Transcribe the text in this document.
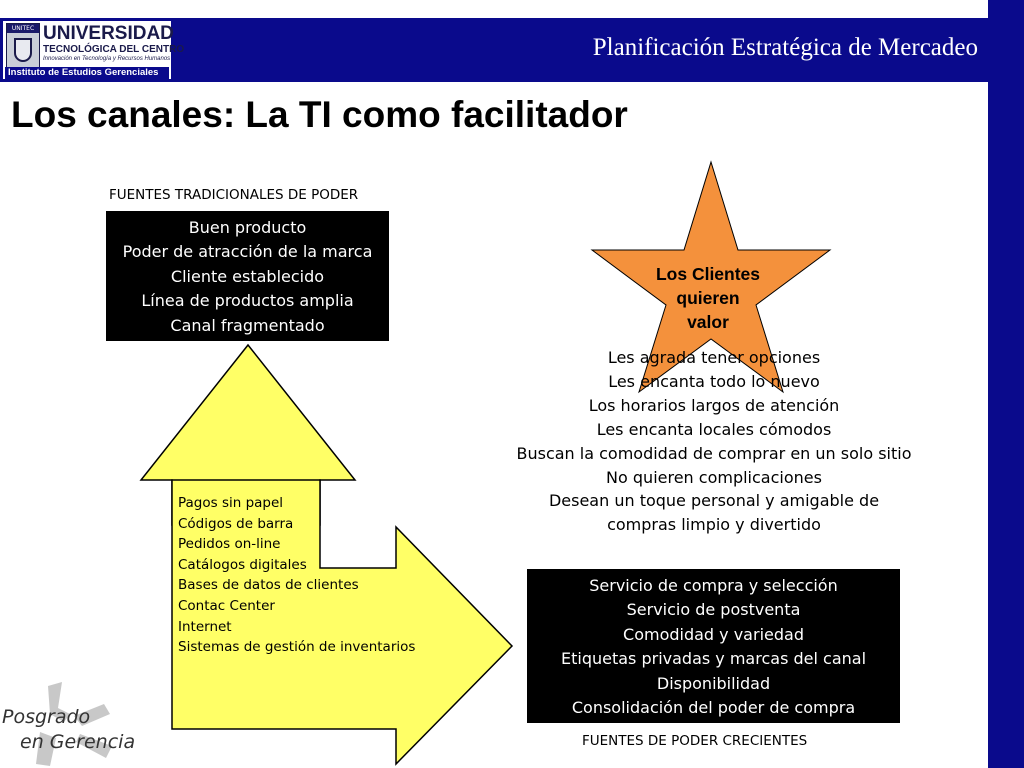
UNITEC UNIVERSIDAD
TECNOLÓGICA DEL CENTRO
Innovación en Tecnología y Recursos Humanos
Instituto de Estudios Gerenciales
Planificación Estratégica de Mercadeo
Los canales: La TI como facilitador
FUENTES TRADICIONALES DE PODER
Buen producto
Poder de atracción de la marca
Cliente establecido
Línea de productos amplia
Canal fragmentado
Pagos sin papel
Códigos de barra
Pedidos on-line
Catálogos digitales
Bases de datos de clientes
Contac Center
Internet
Sistemas de gestión de inventarios
Los Clientes
quieren
valor
Les agrada tener opciones
Les encanta todo lo nuevo
Los horarios largos de atención
Les encanta locales cómodos
Buscan la comodidad de comprar en un solo sitio
No quieren complicaciones
Desean un toque personal y amigable de
compras limpio y divertido
Servicio de compra y selección
Servicio de postventa
Comodidad y variedad
Etiquetas privadas y marcas del canal
Disponibilidad
Consolidación del poder de compra
FUENTES DE PODER CRECIENTES
Posgrado
en Gerencia
